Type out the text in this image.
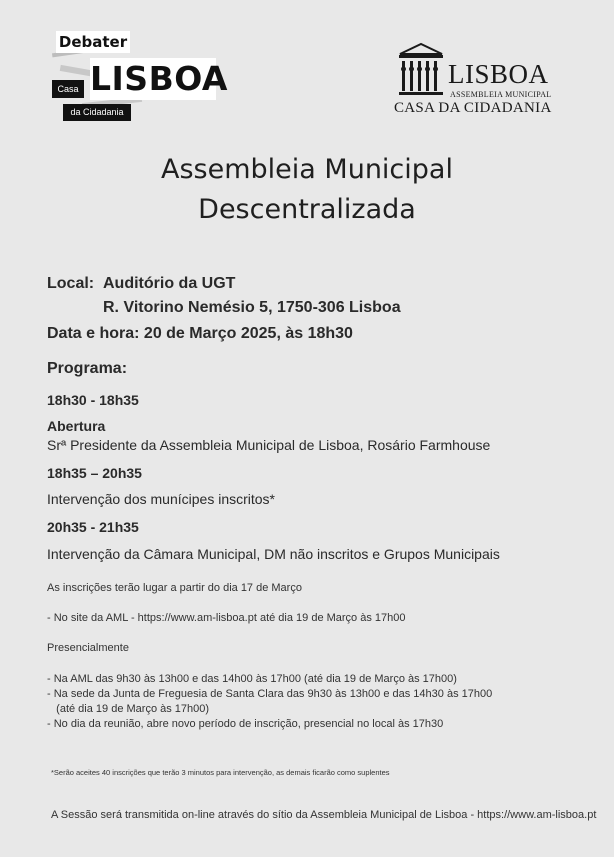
Debater
LISBOA
Casa
da Cidadania
LISBOA
ASSEMBLEIA MUNICIPAL
CASA DA CIDADANIA
Assembleia Municipal
Descentralizada
Local: Auditório da UGT
R. Vitorino Nemésio 5, 1750-306 Lisboa
Data e hora: 20 de Março 2025, às 18h30
Programa:
18h30 - 18h35
Abertura
Srª Presidente da Assembleia Municipal de Lisboa, Rosário Farmhouse
18h35 – 20h35
Intervenção dos munícipes inscritos*
20h35 - 21h35
Intervenção da Câmara Municipal, DM não inscritos e Grupos Municipais
As inscrições terão lugar a partir do dia 17 de Março
- No site da AML - https://www.am-lisboa.pt até dia 19 de Março às 17h00
Presencialmente
- Na AML das 9h30 às 13h00 e das 14h00 às 17h00 (até dia 19 de Março às 17h00)
- Na sede da Junta de Freguesia de Santa Clara das 9h30 às 13h00 e das 14h30 às 17h00
(até dia 19 de Março às 17h00)
- No dia da reunião, abre novo período de inscrição, presencial no local às 17h30
*Serão aceites 40 inscrições que terão 3 minutos para intervenção, as demais ficarão como suplentes
A Sessão será transmitida on-line através do sítio da Assembleia Municipal de Lisboa - https://www.am-lisboa.pt
